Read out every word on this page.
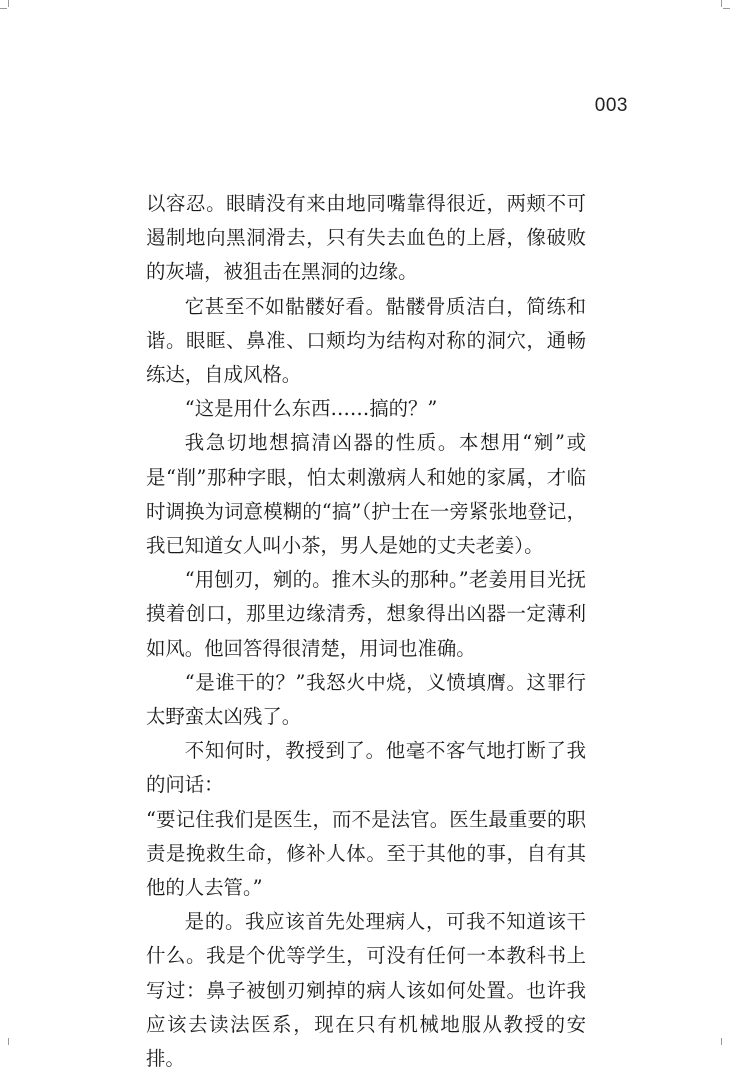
003

以容忍。眼睛没有来由地同嘴靠得很近，两颊不可遏制地向黑洞滑去，只有失去血色的上唇，像破败的灰墙，被狙击在黑洞的边缘。

它甚至不如骷髅好看。骷髅骨质洁白，简练和谐。眼眶、鼻准、口颊均为结构对称的洞穴，通畅练达，自成风格。

“这是用什么东西……搞的？”

我急切地想搞清凶器的性质。本想用“剜”或是“削”那种字眼，怕太刺激病人和她的家属，才临时调换为词意模糊的“搞”（护士在一旁紧张地登记，我已知道女人叫小茶，男人是她的丈夫老姜）。

“用刨刃，剜的。推木头的那种。”老姜用目光抚摸着创口，那里边缘清秀，想象得出凶器一定薄利如风。他回答得很清楚，用词也准确。

“是谁干的？”我怒火中烧，义愤填膺。这罪行太野蛮太凶残了。

不知何时，教授到了。他毫不客气地打断了我的问话：

“要记住我们是医生，而不是法官。医生最重要的职责是挽救生命，修补人体。至于其他的事，自有其他的人去管。”

是的。我应该首先处理病人，可我不知道该干什么。我是个优等学生，可没有任何一本教科书上写过：鼻子被刨刃剜掉的病人该如何处置。也许我应该去读法医系，现在只有机械地服从教授的安排。
